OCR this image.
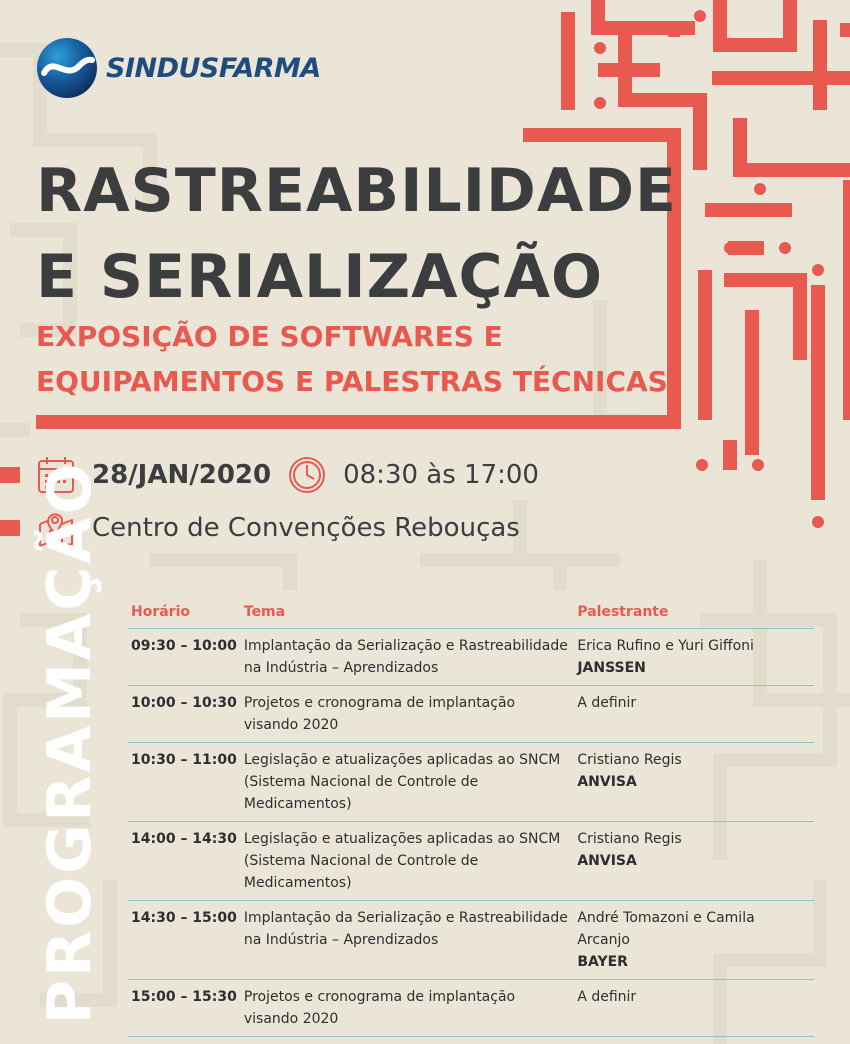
SINDUSFARMA
RASTREABILIDADE
E SERIALIZAÇÃO
EXPOSIÇÃO DE SOFTWARES E
EQUIPAMENTOS E PALESTRAS TÉCNICAS
28/JAN/2020	08:30 às 17:00
Centro de Convenções Rebouças
PROGRAMAÇÃO Horário	Tema	Palestrante
09:30 – 10:00	Implantação da Serialização e Rastreabilidade na Indústria – Aprendizados	Erica Rufino e Yuri Giffoni
JANSSEN

10:00 – 10:30	Projetos e cronograma de implantação visando 2020	A definir

10:30 – 11:00	Legislação e atualizações aplicadas ao SNCM (Sistema Nacional de Controle de Medicamentos)	Cristiano Regis
ANVISA

14:00 – 14:30	Legislação e atualizações aplicadas ao SNCM (Sistema Nacional de Controle de Medicamentos)	Cristiano Regis
ANVISA

14:30 – 15:00	Implantação da Serialização e Rastreabilidade na Indústria – Aprendizados	André Tomazoni e Camila Arcanjo
BAYER

15:00 – 15:30	Projetos e cronograma de implantação visando 2020	A definir
